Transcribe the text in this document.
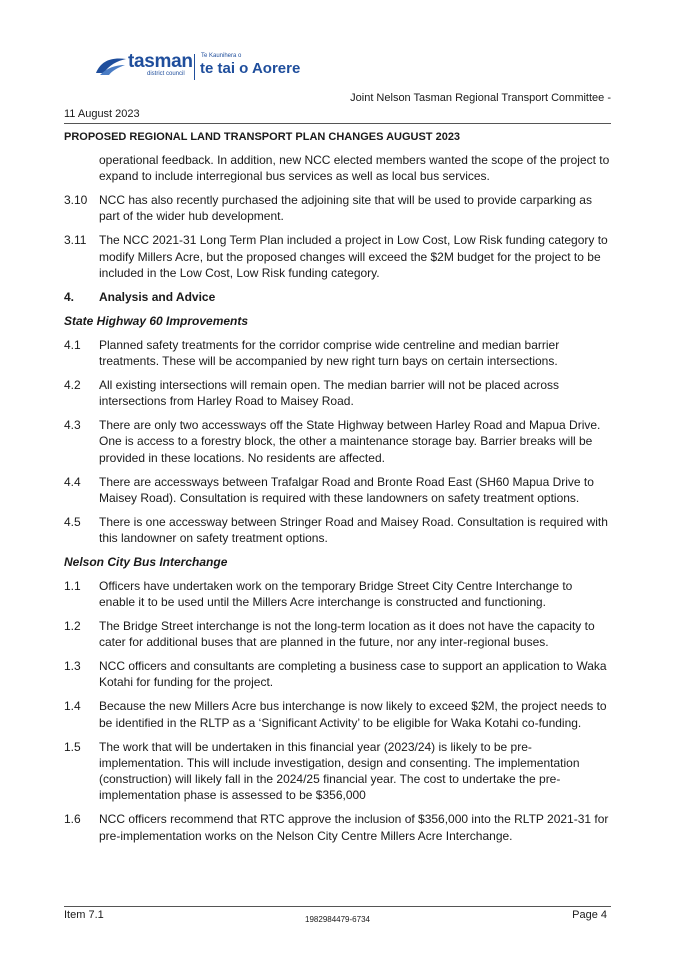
tasman
district council
Te Kaunihera o
te tai o Aorere
Joint Nelson Tasman Regional Transport Committee -
11 August 2023
PROPOSED REGIONAL LAND TRANSPORT PLAN CHANGES AUGUST 2023
operational feedback. In addition, new NCC elected members wanted the scope of the project to expand to include interregional bus services as well as local bus services.
3.10 NCC has also recently purchased the adjoining site that will be used to provide carparking as part of the wider hub development.
3.11 The NCC 2021-31 Long Term Plan included a project in Low Cost, Low Risk funding category to modify Millers Acre, but the proposed changes will exceed the $2M budget for the project to be included in the Low Cost, Low Risk funding category.
4. Analysis and Advice
State Highway 60 Improvements
4.1 Planned safety treatments for the corridor comprise wide centreline and median barrier treatments. These will be accompanied by new right turn bays on certain intersections.
4.2 All existing intersections will remain open. The median barrier will not be placed across intersections from Harley Road to Maisey Road.
4.3 There are only two accessways off the State Highway between Harley Road and Mapua Drive. One is access to a forestry block, the other a maintenance storage bay. Barrier breaks will be provided in these locations. No residents are affected.
4.4 There are accessways between Trafalgar Road and Bronte Road East (SH60 Mapua Drive to Maisey Road). Consultation is required with these landowners on safety treatment options.
4.5 There is one accessway between Stringer Road and Maisey Road. Consultation is required with this landowner on safety treatment options.
Nelson City Bus Interchange
1.1 Officers have undertaken work on the temporary Bridge Street City Centre Interchange to enable it to be used until the Millers Acre interchange is constructed and functioning.
1.2 The Bridge Street interchange is not the long-term location as it does not have the capacity to cater for additional buses that are planned in the future, nor any inter-regional buses.
1.3 NCC officers and consultants are completing a business case to support an application to Waka Kotahi for funding for the project.
1.4 Because the new Millers Acre bus interchange is now likely to exceed $2M, the project needs to be identified in the RLTP as a ‘Significant Activity’ to be eligible for Waka Kotahi co-funding.
1.5 The work that will be undertaken in this financial year (2023/24) is likely to be pre-implementation. This will include investigation, design and consenting. The implementation (construction) will likely fall in the 2024/25 financial year. The cost to undertake the pre-implementation phase is assessed to be $356,000
1.6 NCC officers recommend that RTC approve the inclusion of $356,000 into the RLTP 2021-31 for pre-implementation works on the Nelson City Centre Millers Acre Interchange.
Item 7.1	1982984479-6734	Page 4
